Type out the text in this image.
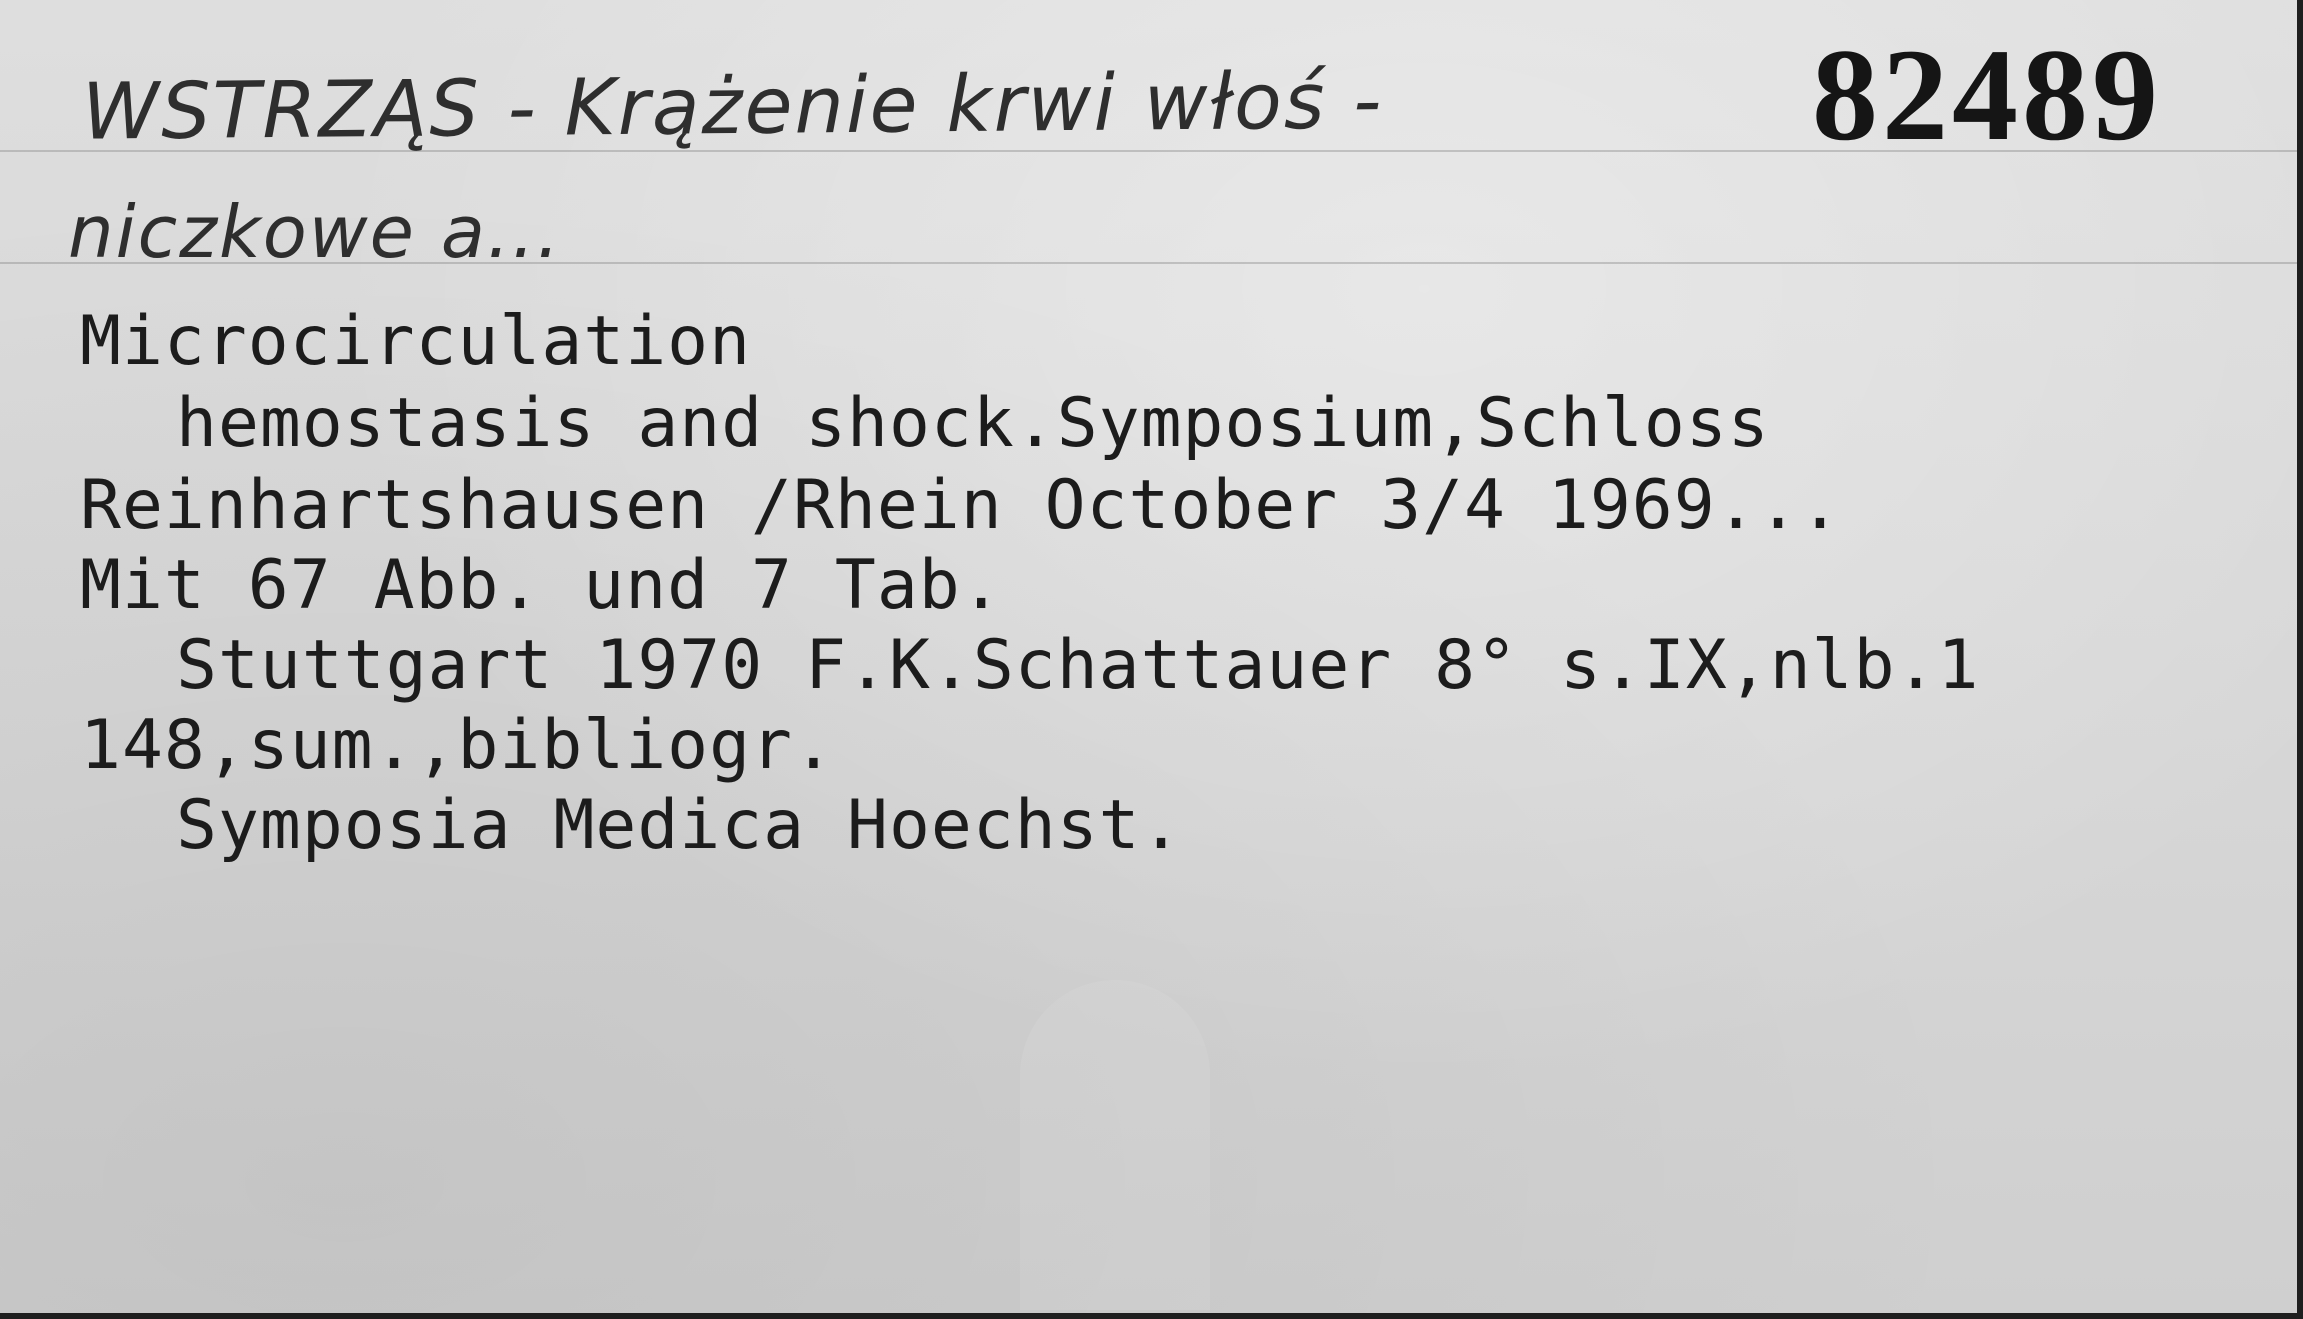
WSTRZĄS - Krążenie krwi włoś -
niczkowe a...
82489
Microcirculation
hemostasis and shock.Symposium,Schloss
Reinhartshausen /Rhein October 3/4 1969...
Mit 67 Abb. und 7 Tab.
Stuttgart 1970 F.K.Schattauer 8° s.IX,nlb.1
148,sum.,bibliogr.
Symposia Medica Hoechst.
